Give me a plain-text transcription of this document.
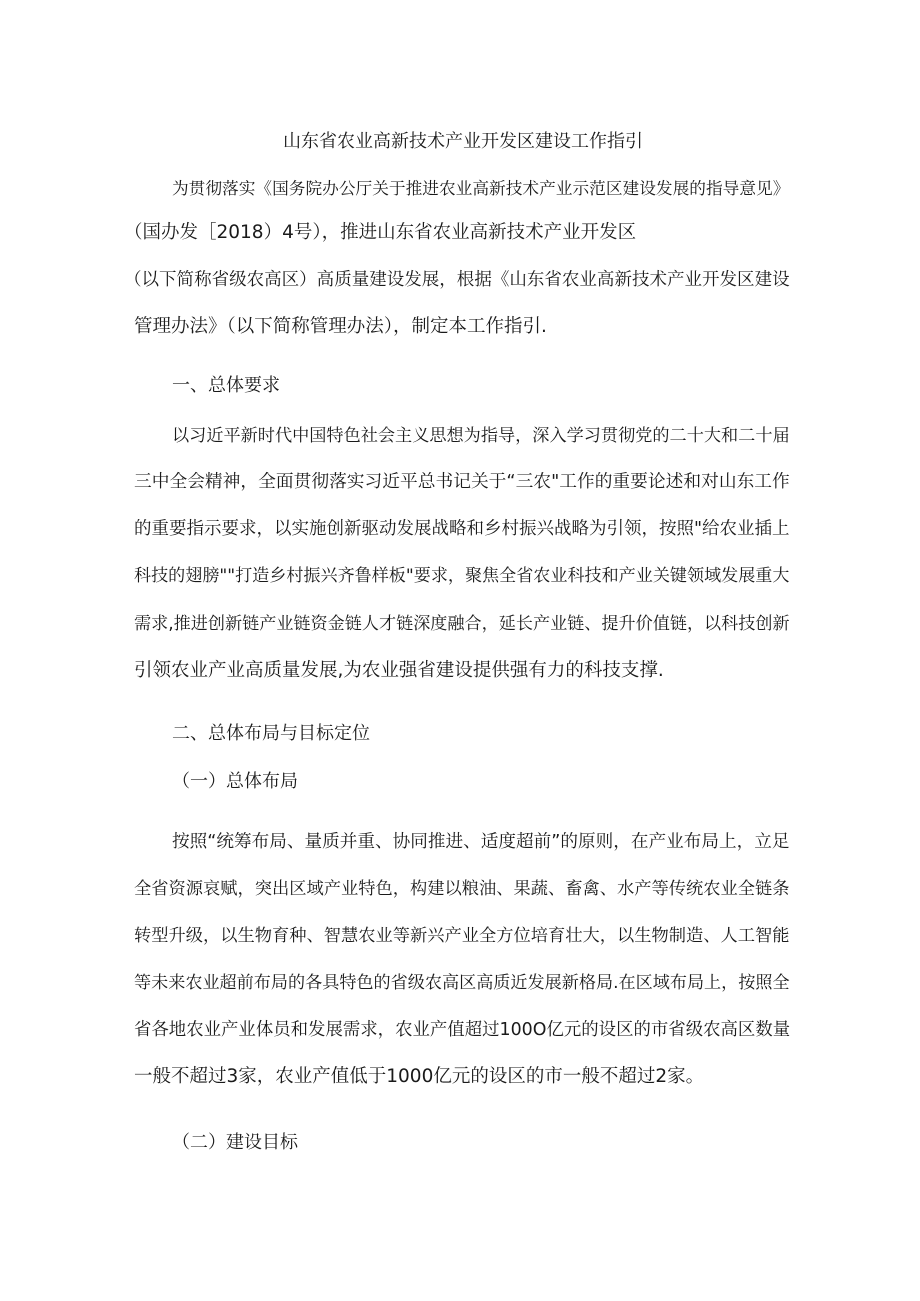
山东省农业高新技术产业开发区建设工作指引
为贯彻落实《国务院办公厅关于推进农业高新技术产业示范区建设发展的指导意见》
（国办发［2018）4号），推进山东省农业高新技术产业开发区
（以下简称省级农高区）高质量建设发展，根据《山东省农业高新技术产业开发区建设
管理办法》（以下简称管理办法），制定本工作指引.
一、总体要求
以习近平新时代中国特色社会主义思想为指导，深入学习贯彻党的二十大和二十届
三中全会精神，全面贯彻落实习近平总书记关于“三农"工作的重要论述和对山东工作
的重要指示要求，以实施创新驱动发展战略和乡村振兴战略为引领，按照"给农业插上
科技的翅膀""打造乡村振兴齐鲁样板"要求，聚焦全省农业科技和产业关键领域发展重大
需求,推进创新链产业链资金链人才链深度融合，延长产业链、提升价值链，以科技创新
引领农业产业高质量发展,为农业强省建设提供强有力的科技支撑.
二、总体布局与目标定位
（一）总体布局
按照“统筹布局、量质并重、协同推进、适度超前”的原则，在产业布局上，立足
全省资源哀赋，突出区域产业特色，构建以粮油、果蔬、畜禽、水产等传统农业全链条
转型升级，以生物育种、智慧农业等新兴产业全方位培育壮大，以生物制造、人工智能
等未来农业超前布局的各具特色的省级农高区高质近发展新格局.在区域布局上，按照全
省各地农业产业体员和发展需求，农业产值超过100O亿元的设区的市省级农高区数量
一般不超过3家，农业产值低于1000亿元的设区的市一般不超过2家。
（二）建设目标
